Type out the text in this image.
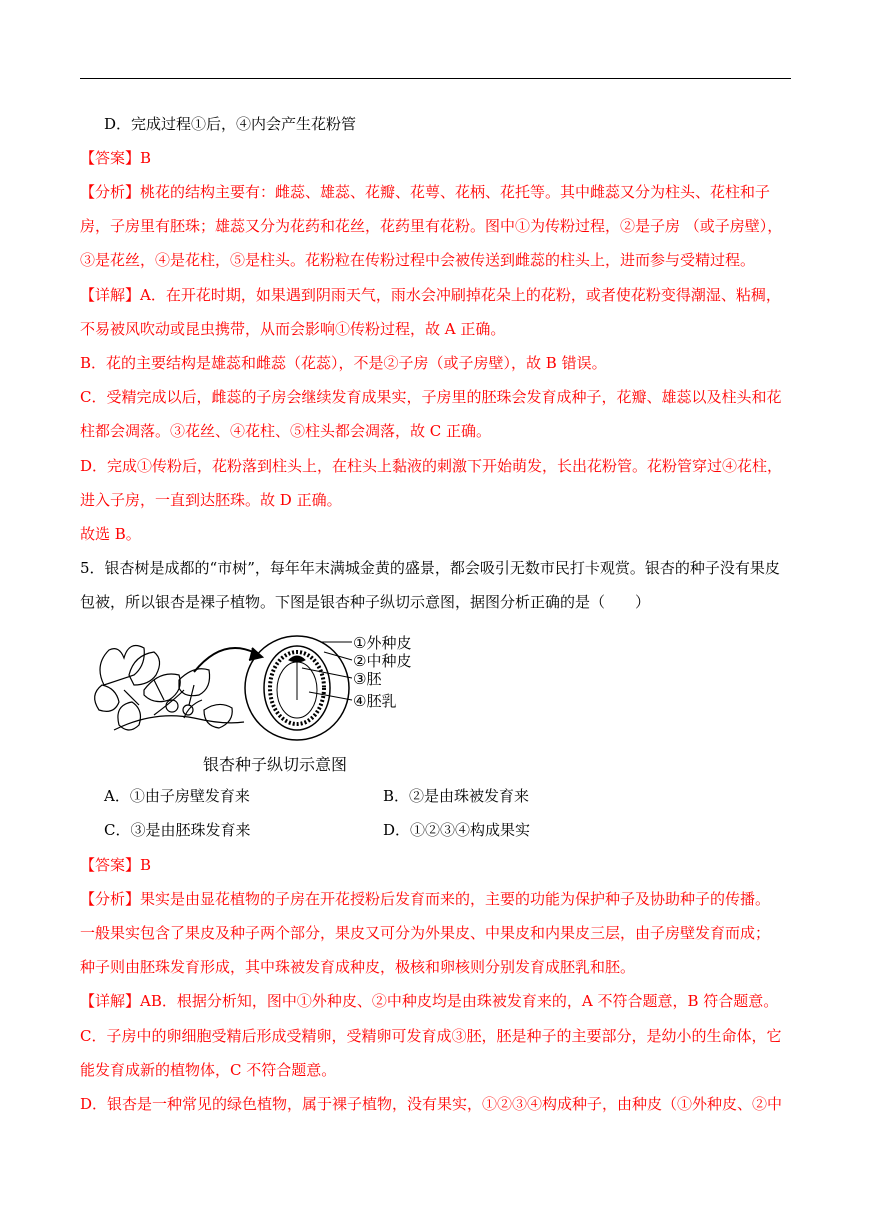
D．完成过程①后，④内会产生花粉管
【答案】B
【分析】桃花的结构主要有：雌蕊、雄蕊、花瓣、花萼、花柄、花托等。其中雌蕊又分为柱头、花柱和子
房，子房里有胚珠；雄蕊又分为花药和花丝，花药里有花粉。图中①为传粉过程，②是子房 （或子房壁），
③是花丝，④是花柱，⑤是柱头。花粉粒在传粉过程中会被传送到雌蕊的柱头上，进而参与受精过程。
【详解】A．在开花时期，如果遇到阴雨天气，雨水会冲刷掉花朵上的花粉，或者使花粉变得潮湿、粘稠，
不易被风吹动或昆虫携带，从而会影响①传粉过程，故 A 正确。
B．花的主要结构是雄蕊和雌蕊（花蕊），不是②子房（或子房壁），故 B 错误。
C．受精完成以后，雌蕊的子房会继续发育成果实，子房里的胚珠会发育成种子，花瓣、雄蕊以及柱头和花
柱都会凋落。③花丝、④花柱、⑤柱头都会凋落，故 C 正确。
D．完成①传粉后，花粉落到柱头上，在柱头上黏液的刺激下开始萌发，长出花粉管。花粉管穿过④花柱，
进入子房，一直到达胚珠。故 D 正确。
故选 B。
5．银杏树是成都的“市树”，每年年末满城金黄的盛景，都会吸引无数市民打卡观赏。银杏的种子没有果皮
包被，所以银杏是裸子植物。下图是银杏种子纵切示意图，据图分析正确的是（　　）
①外种皮
②中种皮
③胚
④胚乳
银杏种子纵切示意图
A．①由子房壁发育来	B．②是由珠被发育来
C．③是由胚珠发育来	D．①②③④构成果实
【答案】B
【分析】果实是由显花植物的子房在开花授粉后发育而来的，主要的功能为保护种子及协助种子的传播。
一般果实包含了果皮及种子两个部分，果皮又可分为外果皮、中果皮和内果皮三层，由子房壁发育而成；
种子则由胚珠发育形成，其中珠被发育成种皮，极核和卵核则分别发育成胚乳和胚。
【详解】AB．根据分析知，图中①外种皮、②中种皮均是由珠被发育来的，A 不符合题意，B 符合题意。
C．子房中的卵细胞受精后形成受精卵，受精卵可发育成③胚，胚是种子的主要部分，是幼小的生命体，它
能发育成新的植物体，C 不符合题意。
D．银杏是一种常见的绿色植物，属于裸子植物，没有果实，①②③④构成种子，由种皮（①外种皮、②中
